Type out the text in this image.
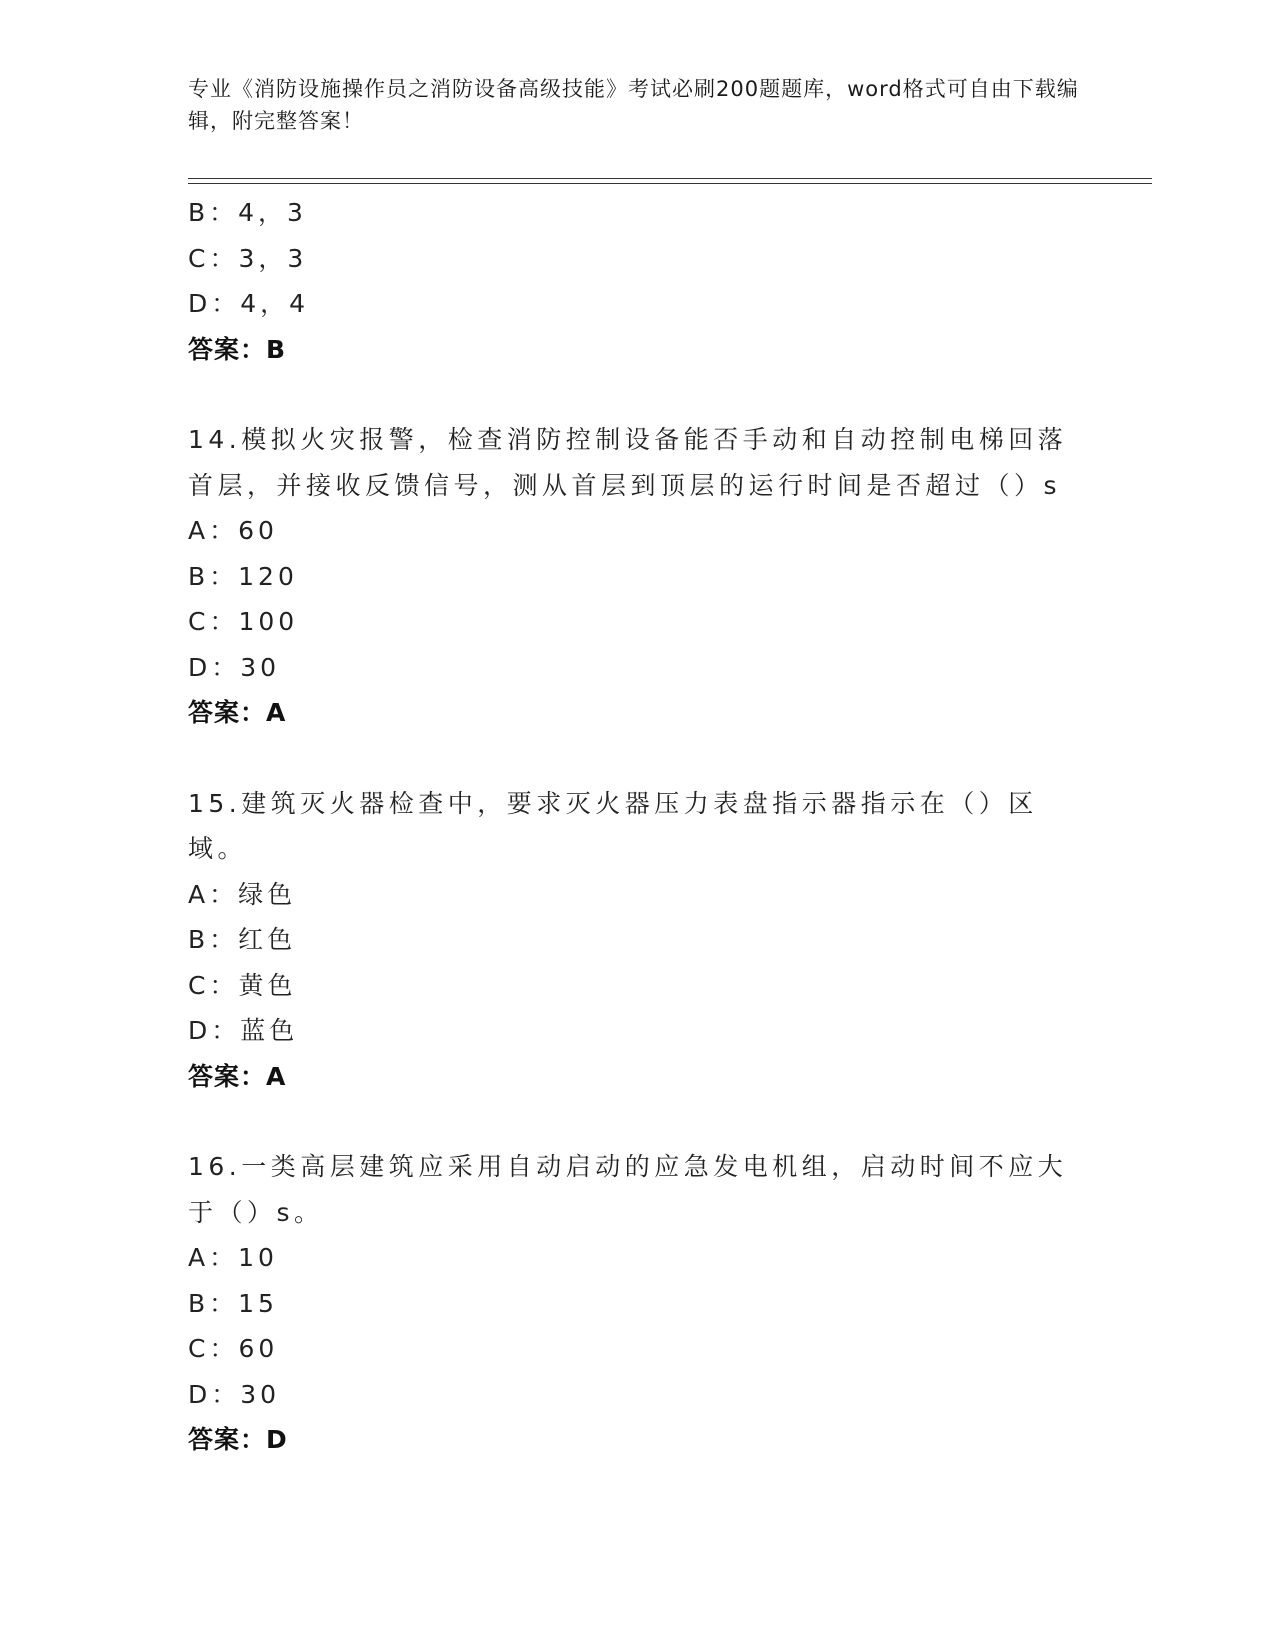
专业《消防设施操作员之消防设备高级技能》考试必刷200题题库，word格式可自由下载编辑，附完整答案！
B：4，3
C：3，3
D：4，4
答案：B
14.模拟火灾报警，检查消防控制设备能否手动和自动控制电梯回落首层，并接收反馈信号，测从首层到顶层的运行时间是否超过（）s
A：60
B：120
C：100
D：30
答案：A
15.建筑灭火器检查中，要求灭火器压力表盘指示器指示在（）区域。
A：绿色
B：红色
C：黄色
D：蓝色
答案：A
16.一类高层建筑应采用自动启动的应急发电机组，启动时间不应大于（）s。
A：10
B：15
C：60
D：30
答案：D
